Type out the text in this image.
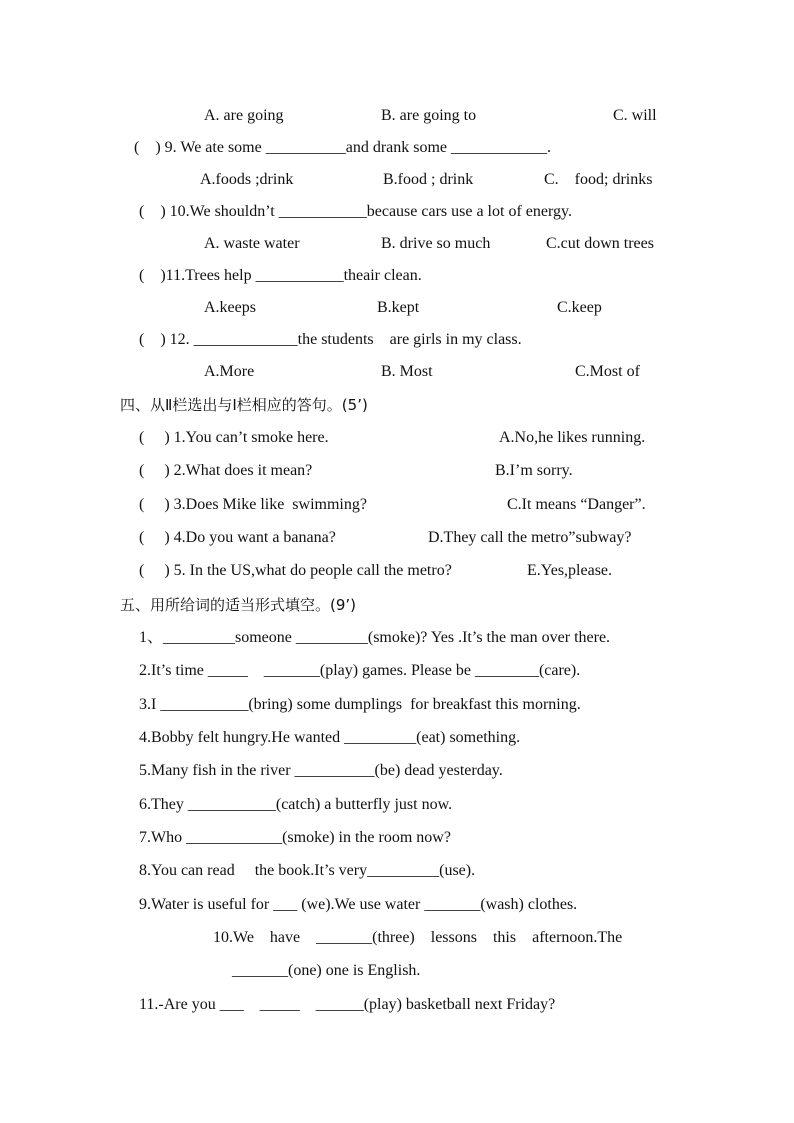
A. are going	B. are going to	C. will
(    ) 9. We ate some __________and drank some ____________.
A.foods ;drink	B.food ; drink	C.    food; drinks
(    ) 10.We shouldn’t ___________because cars use a lot of energy.
A. waste water	B. drive so much	C.cut down trees
(    )11.Trees help ___________theair clean.
A.keeps	B.kept	C.keep
(    ) 12. _____________the students    are girls in my class.
A.More	B. Most	C.Most of
四、从Ⅱ栏选出与Ⅰ栏相应的答句。(5’)
(     ) 1.You can’t smoke here.	A.No,he likes running.
(     ) 2.What does it mean?	B.I’m sorry.
(     ) 3.Does Mike like  swimming?	C.It means “Danger”.
(     ) 4.Do you want a banana?	D.They call the metro”subway?
(     ) 5. In the US,what do people call the metro?	E.Yes,please.
五、用所给词的适当形式填空。(9’)
1、_________someone _________(smoke)? Yes .It’s the man over there.
2.It’s time _____    _______(play) games. Please be ________(care).
3.I ___________(bring) some dumplings  for breakfast this morning.
4.Bobby felt hungry.He wanted _________(eat) something.
5.Many fish in the river __________(be) dead yesterday.
6.They ___________(catch) a butterfly just now.
7.Who ____________(smoke) in the room now?
8.You can read     the book.It’s very_________(use).
9.Water is useful for ___ (we).We use water _______(wash) clothes.
10.We    have    _______(three)    lessons    this    afternoon.The
_______(one) one is English.
11.-Are you ___    _____    ______(play) basketball next Friday?
